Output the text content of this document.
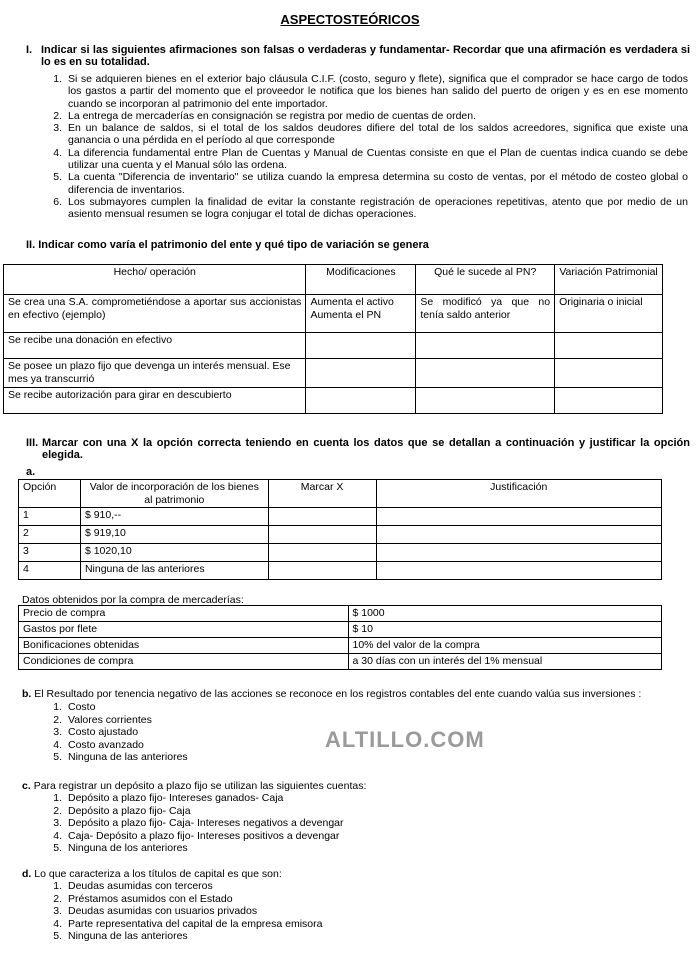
ASPECTOSTEÓRICOS
I. Indicar si las siguientes afirmaciones son falsas o verdaderas y fundamentar- Recordar que una afirmación es verdadera si lo es en su totalidad.
1. Si se adquieren bienes en el exterior bajo cláusula C.I.F. (costo, seguro y flete), significa que el comprador se hace cargo de todos los gastos a partir del momento que el proveedor le notifica que los bienes han salido del puerto de origen y es en ese momento cuando se incorporan al patrimonio del ente importador.
2. La entrega de mercaderías en consignación se registra por medio de cuentas de orden.
3. En un balance de saldos, si el total de los saldos deudores difiere del total de los saldos acreedores, significa que existe una ganancia o una pérdida en el período al que corresponde
4. La diferencia fundamental entre Plan de Cuentas y Manual de Cuentas consiste en que el Plan de cuentas indica cuando se debe utilizar una cuenta y el Manual sólo las ordena.
5. La cuenta "Diferencia de inventario" se utiliza cuando la empresa determina su costo de ventas, por el método de costeo global o diferencia de inventarios.
6. Los submayores cumplen la finalidad de evitar la constante registración de operaciones repetitivas, atento que por medio de un asiento mensual resumen se logra conjugar el total de dichas operaciones.
II. Indicar como varía el patrimonio del ente y qué tipo de variación se genera
Hecho/ operación	Modificaciones	Qué le sucede al PN?	Variación Patrimonial
Se crea una S.A. comprometiéndose a aportar sus accionistas en efectivo (ejemplo)	Aumenta el activo Aumenta el PN	Se modificó ya que no tenía saldo anterior	Originaria o inicial
Se recibe una donación en efectivo			
Se posee un plazo fijo que devenga un interés mensual. Ese mes ya transcurrió			
Se recibe autorización para girar en descubierto			
III. Marcar con una X la opción correcta teniendo en cuenta los datos que se detallan a continuación y justificar la opción elegida.
a.
Opción	Valor de incorporación de los bienes al patrimonio	Marcar X	Justificación
1	$ 910,--		
2	$ 919,10		
3	$ 1020,10		
4	Ninguna de las anteriores		
Datos obtenidos por la compra de mercaderías:
Precio de compra	$ 1000
Gastos por flete	$ 10
Bonificaciones obtenidas	10% del valor de la compra
Condiciones de compra	a 30 días con un interés del 1% mensual
b. El Resultado por tenencia negativo de las acciones se reconoce en los registros contables del ente cuando valúa sus inversiones :
1. Costo
2. Valores corrientes
3. Costo ajustado
4. Costo avanzado
5. Ninguna de las anteriores
c. Para registrar un depósito a plazo fijo se utilizan las siguientes cuentas:
1. Depósito a plazo fijo- Intereses ganados- Caja
2. Depósito a plazo fijo- Caja
3. Depósito a plazo fijo- Caja- Intereses negativos a devengar
4. Caja- Depósito a plazo fijo- Intereses positivos a devengar
5. Ninguna de los anteriores
d. Lo que caracteriza a los títulos de capital es que son:
1. Deudas asumidas con terceros
2. Préstamos asumidos con el Estado
3. Deudas asumidas con usuarios privados
4. Parte representativa del capital de la empresa emisora
5. Ninguna de las anteriores
ALTILLO.COM
